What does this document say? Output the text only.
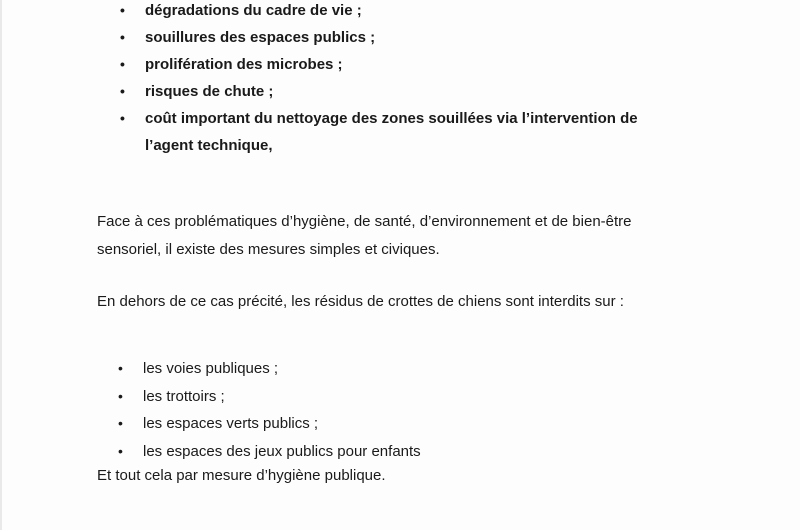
•	dégradations du cadre de vie ;
•	souillures des espaces publics ;
•	prolifération des microbes ;
•	risques de chute ;
•	coût important du nettoyage des zones souillées via l’intervention de l’agent technique,

Face à ces problématiques d’hygiène, de santé, d’environnement et de bien-être sensoriel, il existe des mesures simples et civiques.

En dehors de ce cas précité, les résidus de crottes de chiens sont interdits sur :

•	les voies publiques ;
•	les trottoirs ;
•	les espaces verts publics ;
•	les espaces des jeux publics pour enfants

Et tout cela par mesure d’hygiène publique.
